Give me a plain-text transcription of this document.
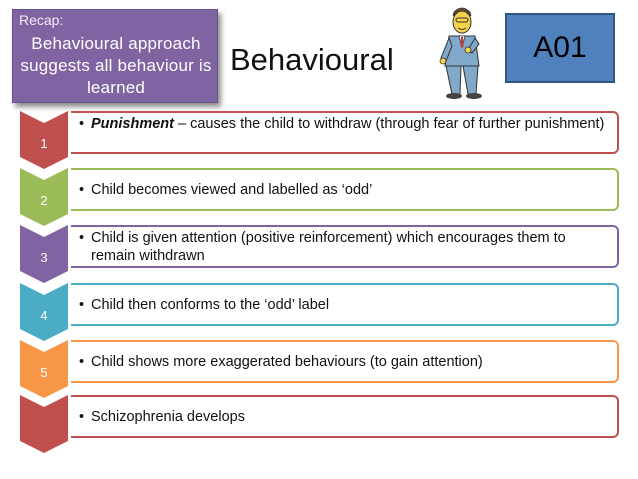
Recap:
Behavioural approach suggests all behaviour is learned
Behavioural	A01
1
• Punishment – causes the child to withdraw (through fear of further punishment)
2
• Child becomes viewed and labelled as ‘odd’
3
• Child is given attention (positive reinforcement) which encourages them to remain withdrawn
4
• Child then conforms to the ‘odd’ label
5
• Child shows more exaggerated behaviours (to gain attention)
• Schizophrenia develops
